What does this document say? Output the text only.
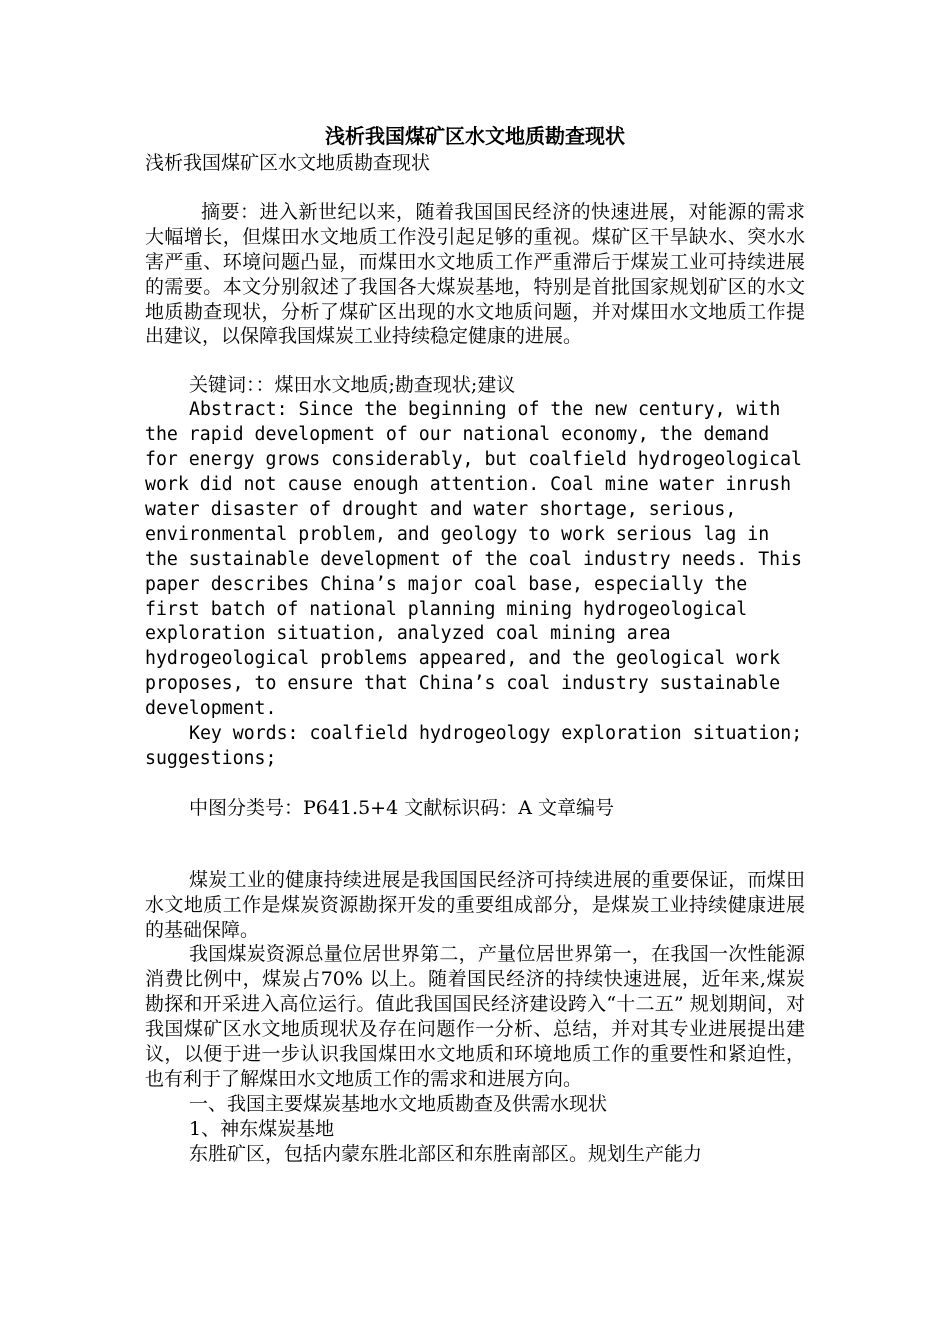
浅析我国煤矿区水文地质勘查现状

浅析我国煤矿区水文地质勘查现状

摘要：进入新世纪以来，随着我国国民经济的快速进展，对能源的需求大幅增长，但煤田水文地质工作没引起足够的重视。煤矿区干旱缺水、突水水害严重、环境问题凸显，而煤田水文地质工作严重滞后于煤炭工业可持续进展的需要。本文分别叙述了我国各大煤炭基地，特别是首批国家规划矿区的水文地质勘查现状，分析了煤矿区出现的水文地质问题，并对煤田水文地质工作提出建议，以保障我国煤炭工业持续稳定健康的进展。

关键词：：煤田水文地质;勘查现状;建议

Abstract: Since the beginning of the new century, with the rapid development of our national economy, the demand for energy grows considerably, but coalfield hydrogeological work did not cause enough attention. Coal mine water inrush water disaster of drought and water shortage, serious, environmental problem, and geology to work serious lag in the sustainable development of the coal industry needs. This paper describes China’s major coal base, especially the first batch of national planning mining hydrogeological exploration situation, analyzed coal mining area hydrogeological problems appeared, and the geological work proposes, to ensure that China’s coal industry sustainable development.

Key words: coalfield hydrogeology exploration situation; suggestions;

中图分类号：P641.5+4 文献标识码：A 文章编号

煤炭工业的健康持续进展是我国国民经济可持续进展的重要保证，而煤田水文地质工作是煤炭资源勘探开发的重要组成部分，是煤炭工业持续健康进展的基础保障。

我国煤炭资源总量位居世界第二，产量位居世界第一，在我国一次性能源消费比例中，煤炭占70% 以上。随着国民经济的持续快速进展，近年来,煤炭勘探和开采进入高位运行。值此我国国民经济建设跨入“十二五” 规划期间，对我国煤矿区水文地质现状及存在问题作一分析、总结，并对其专业进展提出建议，以便于进一步认识我国煤田水文地质和环境地质工作的重要性和紧迫性，也有利于了解煤田水文地质工作的需求和进展方向。

一、我国主要煤炭基地水文地质勘查及供需水现状

1、神东煤炭基地

东胜矿区，包括内蒙东胜北部区和东胜南部区。规划生产能力
